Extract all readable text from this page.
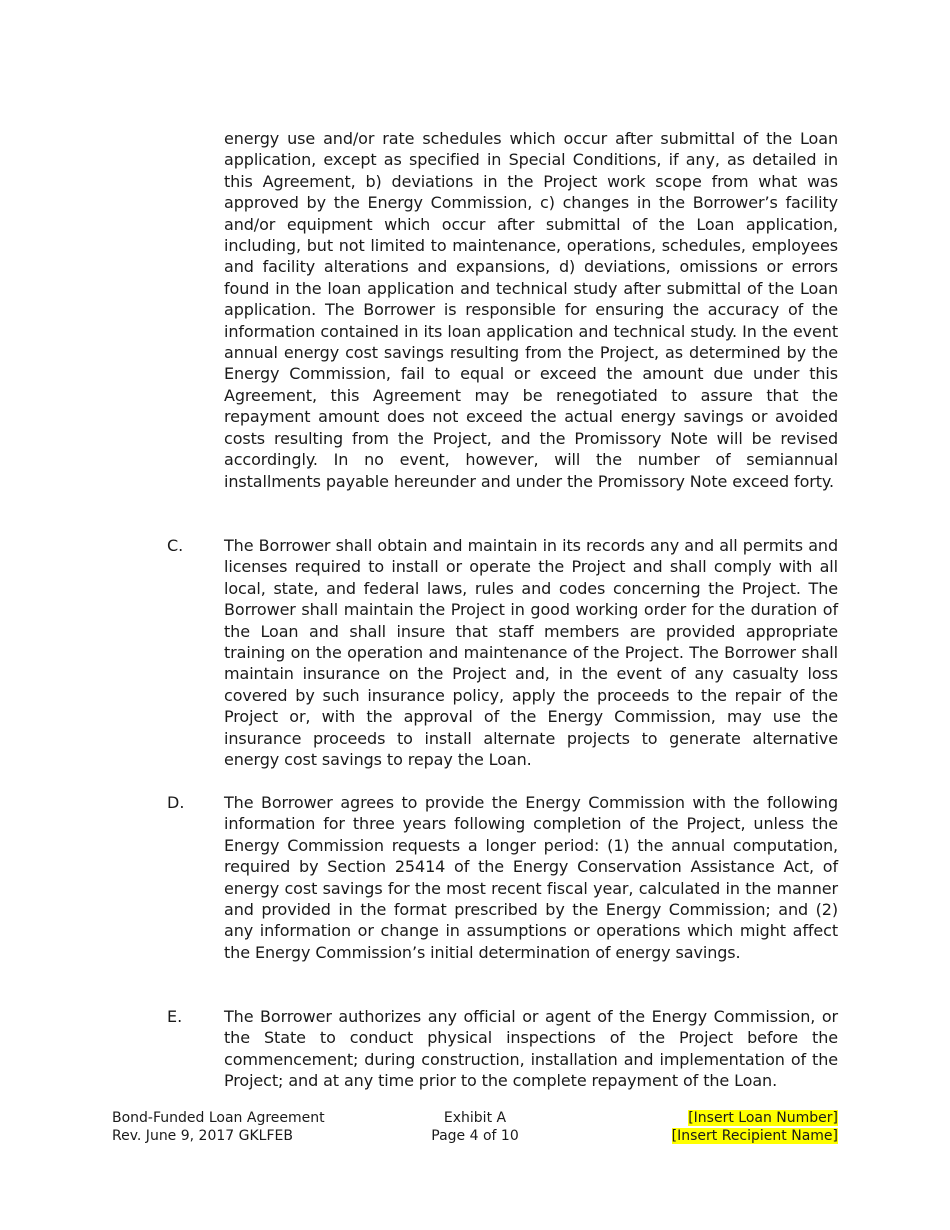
energy use and/or rate schedules which occur after submittal of the Loan application, except as specified in Special Conditions, if any, as detailed in this Agreement, b) deviations in the Project work scope from what was approved by the Energy Commission, c) changes in the Borrower’s facility and/or equipment which occur after submittal of the Loan application, including, but not limited to maintenance, operations, schedules, employees and facility alterations and expansions, d) deviations, omissions or errors found in the loan application and technical study after submittal of the Loan application. The Borrower is responsible for ensuring the accuracy of the information contained in its loan application and technical study. In the event annual energy cost savings resulting from the Project, as determined by the Energy Commission, fail to equal or exceed the amount due under this Agreement, this Agreement may be renegotiated to assure that the repayment amount does not exceed the actual energy savings or avoided costs resulting from the Project, and the Promissory Note will be revised accordingly. In no event, however, will the number of semiannual installments payable hereunder and under the Promissory Note exceed forty.

C.	The Borrower shall obtain and maintain in its records any and all permits and licenses required to install or operate the Project and shall comply with all local, state, and federal laws, rules and codes concerning the Project. The Borrower shall maintain the Project in good working order for the duration of the Loan and shall insure that staff members are provided appropriate training on the operation and maintenance of the Project. The Borrower shall maintain insurance on the Project and, in the event of any casualty loss covered by such insurance policy, apply the proceeds to the repair of the Project or, with the approval of the Energy Commission, may use the insurance proceeds to install alternate projects to generate alternative energy cost savings to repay the Loan.

D. The Borrower agrees to provide the Energy Commission with the following information for three years following completion of the Project, unless the Energy Commission requests a longer period: (1) the annual computation, required by Section 25414 of the Energy Conservation Assistance Act, of energy cost savings for the most recent fiscal year, calculated in the manner and provided in the format prescribed by the Energy Commission; and (2) any information or change in assumptions or operations which might affect the Energy Commission’s initial determination of energy savings.

E.	The Borrower authorizes any official or agent of the Energy Commission, or the State to conduct physical inspections of the Project before the commencement; during construction, installation and implementation of the Project; and at any time prior to the complete repayment of the Loan.

Bond-Funded Loan Agreement
Rev. June 9, 2017 GKLFEB
Exhibit A
Page 4 of 10
[Insert Loan Number]
[Insert Recipient Name]
